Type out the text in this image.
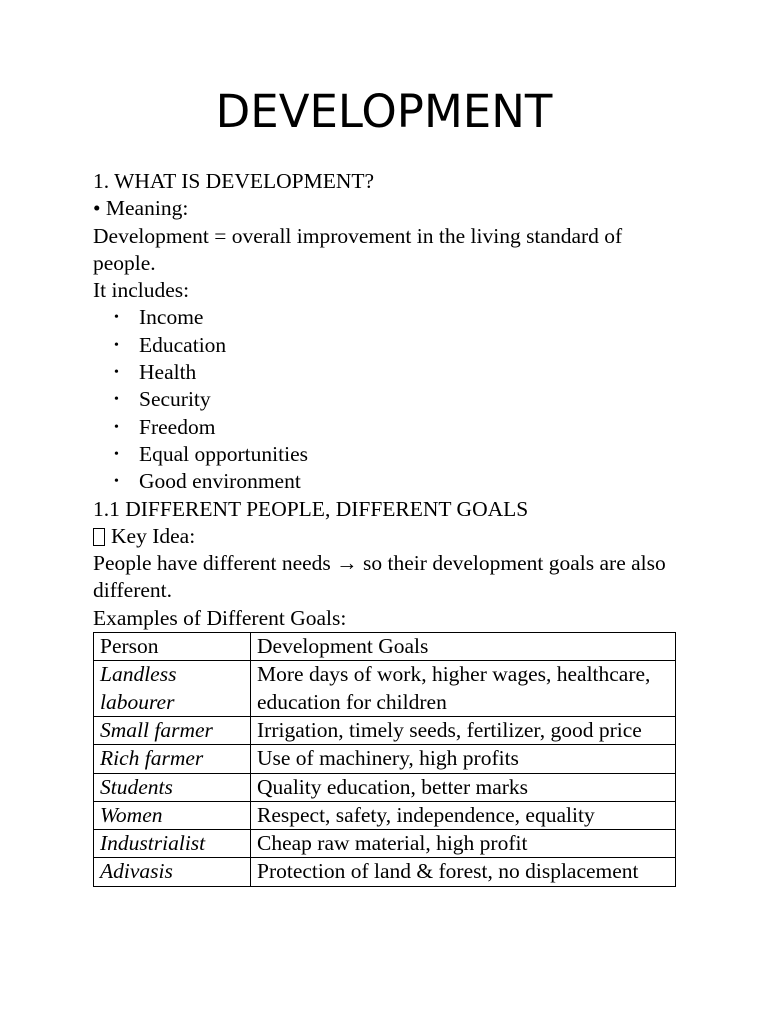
DEVELOPMENT

1. WHAT IS DEVELOPMENT?

• Meaning:

Development = overall improvement in the living standard of people.

It includes:

• Income
• Education
• Health
• Security
• Freedom
• Equal opportunities
• Good environment

1.1 DIFFERENT PEOPLE, DIFFERENT GOALS

Key Idea:

People have different needs → so their development goals are also different.

Examples of Different Goals:

Person	Development Goals
Landless labourer	More days of work, higher wages, healthcare, education for children
Small farmer	Irrigation, timely seeds, fertilizer, good price
Rich farmer	Use of machinery, high profits
Students	Quality education, better marks
Women	Respect, safety, independence, equality
Industrialist	Cheap raw material, high profit
Adivasis	Protection of land & forest, no displacement
